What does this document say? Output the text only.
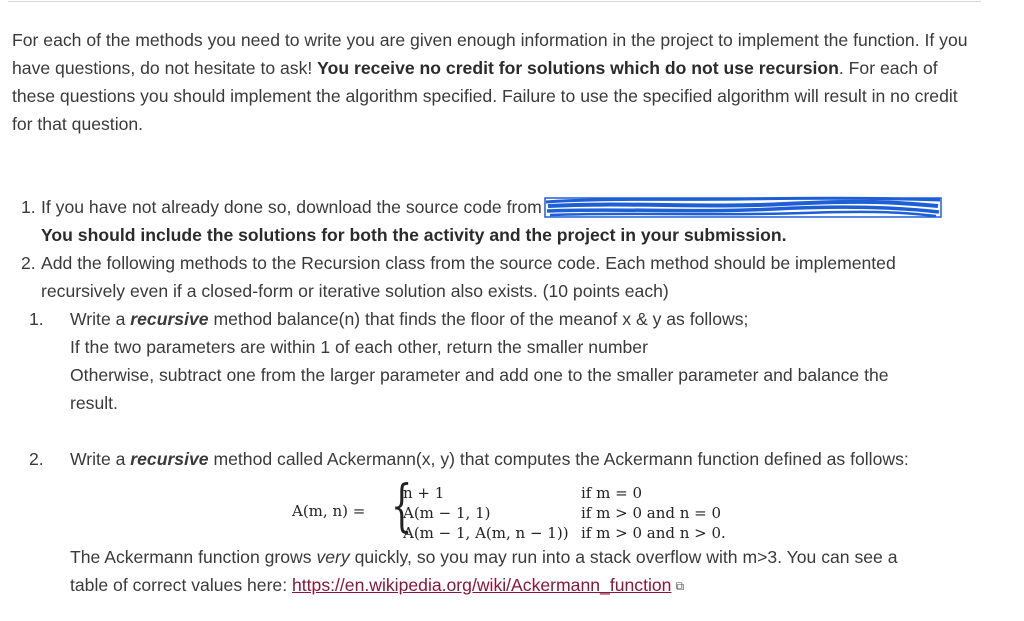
For each of the methods you need to write you are given enough information in the project to implement the function. If you have questions, do not hesitate to ask! You receive no credit for solutions which do not use recursion. For each of these questions you should implement the algorithm specified. Failure to use the specified algorithm will result in no credit for that question.

1. If you have not already done so, download the source code from
You should include the solutions for both the activity and the project in your submission.
2. Add the following methods to the Recursion class from the source code. Each method should be implemented
recursively even if a closed-form or iterative solution also exists. (10 points each)
1. Write a recursive method balance(n) that finds the floor of the meanof x & y as follows;
If the two parameters are within 1 of each other, return the smaller number
Otherwise, subtract one from the larger parameter and add one to the smaller parameter and balance the
result.
2. Write a recursive method called Ackermann(x, y) that computes the Ackermann function defined as follows:
A(m, n) = {
n + 1	if m = 0
A(m − 1, 1)	if m > 0 and n = 0
A(m − 1, A(m, n − 1)) if m > 0 and n > 0.
The Ackermann function grows very quickly, so you may run into a stack overflow with m>3. You can see a
table of correct values here: https://en.wikipedia.org/wiki/Ackermann_function ⧉
